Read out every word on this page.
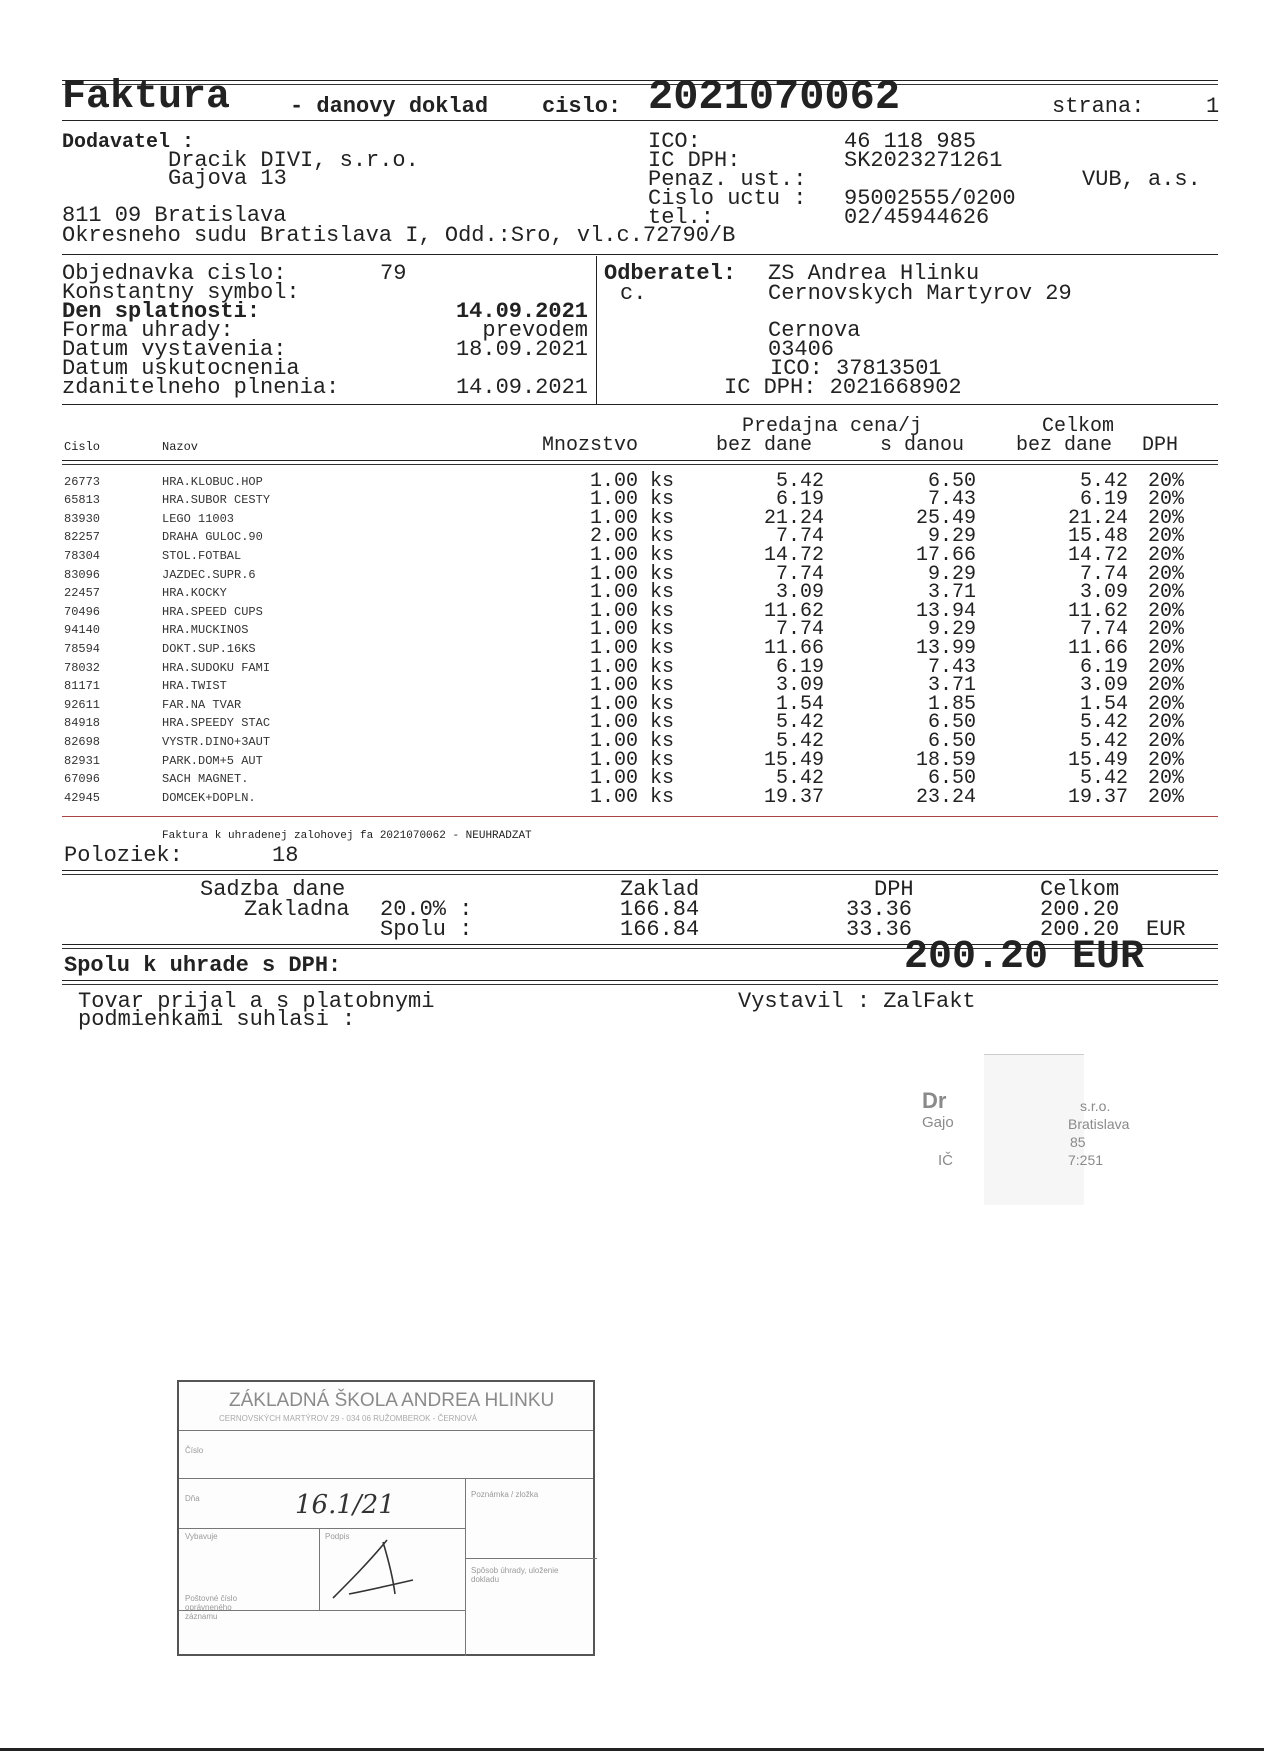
Faktura	- danovy doklad cislo: 2021070062	strana:	1
Dodavatel :
Dracik DIVI, s.r.o.
Gajova 13
811 09 Bratislava
Okresneho sudu Bratislava I, Odd.:Sro, vl.c.72790/B
ICO:	46 118 985
IC DPH:	SK2023271261
Penaz. ust.:	VUB, a.s.
Cislo uctu : 95002555/0200
tel.:	02/45944626
Objednavka cislo:	79
Konstantny symbol:
Den splatnosti:	14.09.2021
Forma uhrady:	prevodem
Datum vystavenia:	18.09.2021
Datum uskutocnenia
zdanitelneho plnenia:	14.09.2021
Odberatel: ZS Andrea Hlinku
c.	Cernovskych Martyrov 29
Cernova
03406
ICO: 37813501
IC DPH: 2021668902
Cislo	Nazov	Mnozstvo
Predajna cena/j
bez dane	s danou
Celkom
bez dane DPH
26773	HRA.KLOBUC.HOP	1.00 ks	5.42	6.50	5.42	20%
65813	HRA.SUBOR CESTY	1.00 ks	6.19	7.43	6.19	20%
83930	LEGO 11003	1.00 ks	21.24	25.49	21.24	20%
82257	DRAHA GULOC.90	2.00 ks	7.74	9.29	15.48	20%
78304	STOL.FOTBAL	1.00 ks	14.72	17.66	14.72	20%
83096	JAZDEC.SUPR.6	1.00 ks	7.74	9.29	7.74	20%
22457	HRA.KOCKY	1.00 ks	3.09	3.71	3.09	20%
70496	HRA.SPEED CUPS	1.00 ks	11.62	13.94	11.62	20%
94140	HRA.MUCKINOS	1.00 ks	7.74	9.29	7.74	20%
78594	DOKT.SUP.16KS	1.00 ks	11.66	13.99	11.66	20%
78032	HRA.SUDOKU FAMI	1.00 ks	6.19	7.43	6.19	20%
81171	HRA.TWIST	1.00 ks	3.09	3.71	3.09	20%
92611	FAR.NA TVAR	1.00 ks	1.54	1.85	1.54	20%
84918	HRA.SPEEDY STAC	1.00 ks	5.42	6.50	5.42	20%
82698	VYSTR.DINO+3AUT	1.00 ks	5.42	6.50	5.42	20%
82931	PARK.DOM+5 AUT	1.00 ks	15.49	18.59	15.49	20%
67096	SACH MAGNET.	1.00 ks	5.42	6.50	5.42	20%
42945	DOMCEK+DOPLN.	1.00 ks	19.37	23.24	19.37	20%
Faktura k uhradenej zalohovej fa 2021070062 - NEUHRADZAT
Poloziek:	18
Sadzba dane	Zaklad	DPH	Celkom
Zakladna 20.0% :	166.84	33.36	200.20
Spolu :	166.84	33.36	200.20 EUR
Spolu k uhrade s DPH:	200.20 EUR
Tovar prijal a s platobnymi
podmienkami suhlasi :
Vystavil : ZalFakt
Dr
Gajo
IČ
s.r.o.
Bratislava
85
7:251
ZÁKLADNÁ ŠKOLA ANDREA HLINKU
CERNOVSKÝCH MARTÝROV 29 - 034 06 RUŽOMBEROK - ČERNOVÁ
Číslo
Dňa	Poznámka / zložka
16.1/21
Vybavuje	Podpis
Spôsob úhrady, uloženie dokladu
Poštovné číslo oprávneného záznamu
